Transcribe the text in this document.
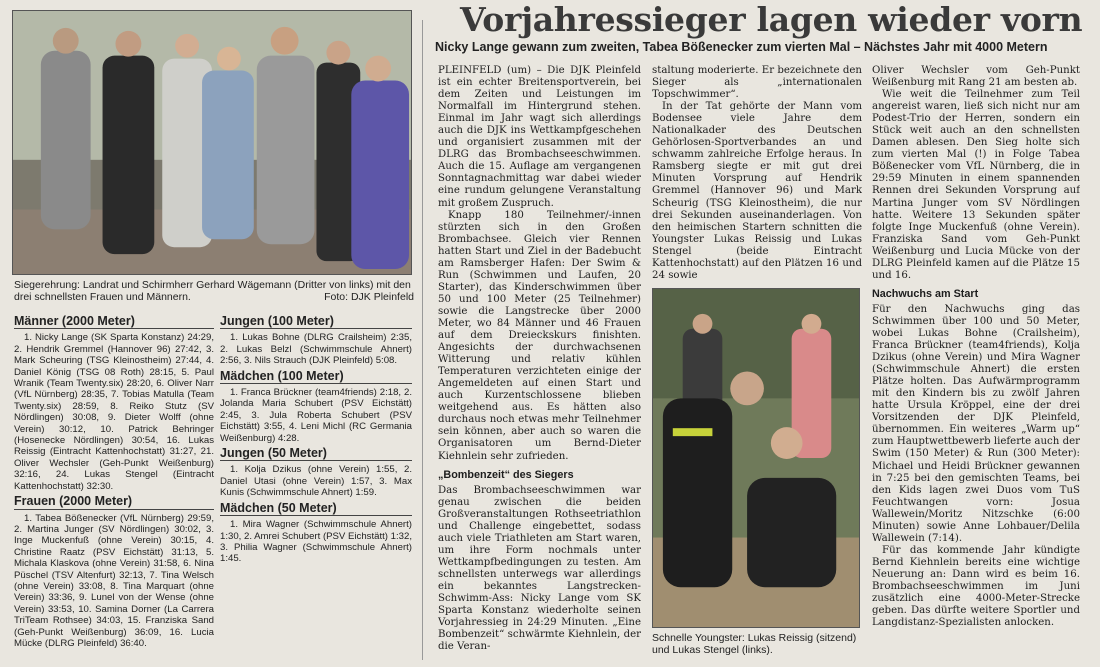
Vorjahressieger lagen wieder vorn
Nicky Lange gewann zum zweiten, Tabea Bößenecker zum vierten Mal – Nächstes Jahr mit 4000 Metern
Siegerehrung: Landrat und Schirmherr Gerhard Wägemann (Dritter von links) mit den drei schnellsten Frauen und Männern.	Foto: DJK Pleinfeld
Männer (2000 Meter)

1. Nicky Lange (SK Sparta Konstanz) 24:29, 2. Hendrik Gremmel (Hannover 96) 27:42, 3. Mark Scheuring (TSG Kleinostheim) 27:44, 4. Daniel König (TSG 08 Roth) 28:15, 5. Paul Wranik (Team Twenty.six) 28:20, 6. Oliver Narr (VfL Nürnberg) 28:35, 7. Tobias Matulla (Team Twenty.six) 28:59, 8. Reiko Stutz (SV Nördlingen) 30:08, 9. Dieter Wolff (ohne Verein) 30:12, 10. Patrick Behringer (Hosenecke Nördlingen) 30:54, 16. Lukas Reissig (Eintracht Kattenhochstatt) 31:27, 21. Oliver Wechsler (Geh-Punkt Weißenburg) 32:16, 24. Lukas Stengel (Eintracht Kattenhochstatt) 32:30.

Frauen (2000 Meter)

1. Tabea Bößenecker (VfL Nürnberg) 29:59, 2. Martina Junger (SV Nördlingen) 30:02, 3. Inge Muckenfuß (ohne Verein) 30:15, 4. Christine Raatz (PSV Eichstätt) 31:13, 5. Michala Klaskova (ohne Verein) 31:58, 6. Nina Püschel (TSV Altenfurt) 32:13, 7. Tina Welsch (ohne Verein) 33:08, 8. Tina Marquart (ohne Verein) 33:36, 9. Lunel von der Wense (ohne Verein) 33:53, 10. Samina Dorner (La Carrera TriTeam Rothsee) 34:03, 15. Franziska Sand (Geh-Punkt Weißenburg) 36:09, 16. Lucia Mücke (DLRG Pleinfeld) 36:40.

Jungen (100 Meter)

1. Lukas Bohne (DLRG Crailsheim) 2:35, 2. Lukas Belzl (Schwimmschule Ahnert) 2:56, 3. Nils Strauch (DJK Pleinfeld) 5:08.

Mädchen (100 Meter)

1. Franca Brückner (team4friends) 2:18, 2. Jolanda Maria Schubert (PSV Eichstätt) 2:45, 3. Jula Roberta Schubert (PSV Eichstätt) 3:55, 4. Leni Michl (RC Germania Weißenburg) 4:28.

Jungen (50 Meter)

1. Kolja Dzikus (ohne Verein) 1:55, 2. Daniel Utasi (ohne Verein) 1:57, 3. Max Kunis (Schwimmschule Ahnert) 1:59.

Mädchen (50 Meter)

1. Mira Wagner (Schwimmschule Ahnert) 1:30, 2. Amrei Schubert (PSV Eichstätt) 1:32, 3. Philia Wagner (Schwimmschule Ahnert) 1:45.

PLEINFELD (um) – Die DJK Pleinfeld ist ein echter Breitensportverein, bei dem Zeiten und Leistungen im Normalfall im Hintergrund stehen. Einmal im Jahr wagt sich allerdings auch die DJK ins Wettkampfgeschehen und organisiert zusammen mit der DLRG das Brombachseeschwimmen. Auch die 15. Auflage am vergangenen Sonntagnachmittag war dabei wieder eine rundum gelungene Veranstaltung mit großem Zuspruch.

Knapp 180 Teilnehmer/-innen stürzten sich in den Großen Brombachsee. Gleich vier Rennen hatten Start und Ziel in der Badebucht am Ramsberger Hafen: Der Swim & Run (Schwimmen und Laufen, 20 Starter), das Kinderschwimmen über 50 und 100 Meter (25 Teilnehmer) sowie die Langstrecke über 2000 Meter, wo 84 Männer und 46 Frauen auf dem Dreieckskurs finishten. Angesichts der durchwachsenen Witterung und relativ kühlen Temperaturen verzichteten einige der Angemeldeten auf einen Start und auch Kurzentschlossene blieben weitgehend aus. Es hätten also durchaus noch etwas mehr Teilnehmer sein können, aber auch so waren die Organisatoren um Bernd-Dieter Kiehnlein sehr zufrieden.

„Bombenzeit“ des Siegers

Das Brombachseeschwimmen war genau zwischen die beiden Großveranstaltungen Rothseetriathlon und Challenge eingebettet, sodass auch viele Triathleten am Start waren, um ihre Form nochmals unter Wettkampfbedingungen zu testen. Am schnellsten unterwegs war allerdings ein bekanntes Langstrecken-Schwimm-Ass: Nicky Lange vom SK Sparta Konstanz wiederholte seinen Vorjahressieg in 24:29 Minuten. „Eine Bombenzeit“ schwärmte Kiehnlein, der die Veran-

staltung moderierte. Er bezeichnete den Sieger als „internationalen Topschwimmer“.

In der Tat gehörte der Mann vom Bodensee viele Jahre dem Nationalkader des Deutschen Gehörlosen-Sportverbandes an und schwamm zahlreiche Erfolge heraus. In Ramsberg siegte er mit gut drei Minuten Vorsprung auf Hendrik Gremmel (Hannover 96) und Mark Scheurig (TSG Kleinostheim), die nur drei Sekunden auseinanderlagen. Von den heimischen Startern schnitten die Youngster Lukas Reissig und Lukas Stengel (beide Eintracht Kattenhochstatt) auf den Plätzen 16 und 24 sowie

Schnelle Youngster: Lukas Reissig (sitzend) und Lukas Stengel (links).

Oliver Wechsler vom Geh-Punkt Weißenburg mit Rang 21 am besten ab.

Wie weit die Teilnehmer zum Teil angereist waren, ließ sich nicht nur am Podest-Trio der Herren, sondern ein Stück weit auch an den schnellsten Damen ablesen. Den Sieg holte sich zum vierten Mal (!) in Folge Tabea Bößenecker vom VfL Nürnberg, die in 29:59 Minuten in einem spannenden Rennen drei Sekunden Vorsprung auf Martina Junger vom SV Nördlingen hatte. Weitere 13 Sekunden später folgte Inge Muckenfuß (ohne Verein). Franziska Sand vom Geh-Punkt Weißenburg und Lucia Mücke von der DLRG Pleinfeld kamen auf die Plätze 15 und 16.

Nachwuchs am Start

Für den Nachwuchs ging das Schwimmen über 100 und 50 Meter, wobei Lukas Bohne (Crailsheim), Franca Brückner (team4friends), Kolja Dzikus (ohne Verein) und Mira Wagner (Schwimmschule Ahnert) die ersten Plätze holten. Das Aufwärmprogramm mit den Kindern bis zu zwölf Jahren hatte Ursula Kröppel, eine der drei Vorsitzenden der DJK Pleinfeld, übernommen. Ein weiteres „Warm up“ zum Hauptwettbewerb lieferte auch der Swim (150 Meter) & Run (300 Meter): Michael und Heidi Brückner gewannen in 7:25 bei den gemischten Teams, bei den Kids lagen zwei Duos vom TuS Feuchtwangen vorn: Josua Wallewein/Moritz Nitzschke (6:00 Minuten) sowie Anne Lohbauer/Delila Wallewein (7:14).

Für das kommende Jahr kündigte Bernd Kiehnlein bereits eine wichtige Neuerung an: Dann wird es beim 16. Brombachseeschwimmen im Juni zusätzlich eine 4000-Meter-Strecke geben. Das dürfte weitere Sportler und Langdistanz-Spezialisten anlocken.
